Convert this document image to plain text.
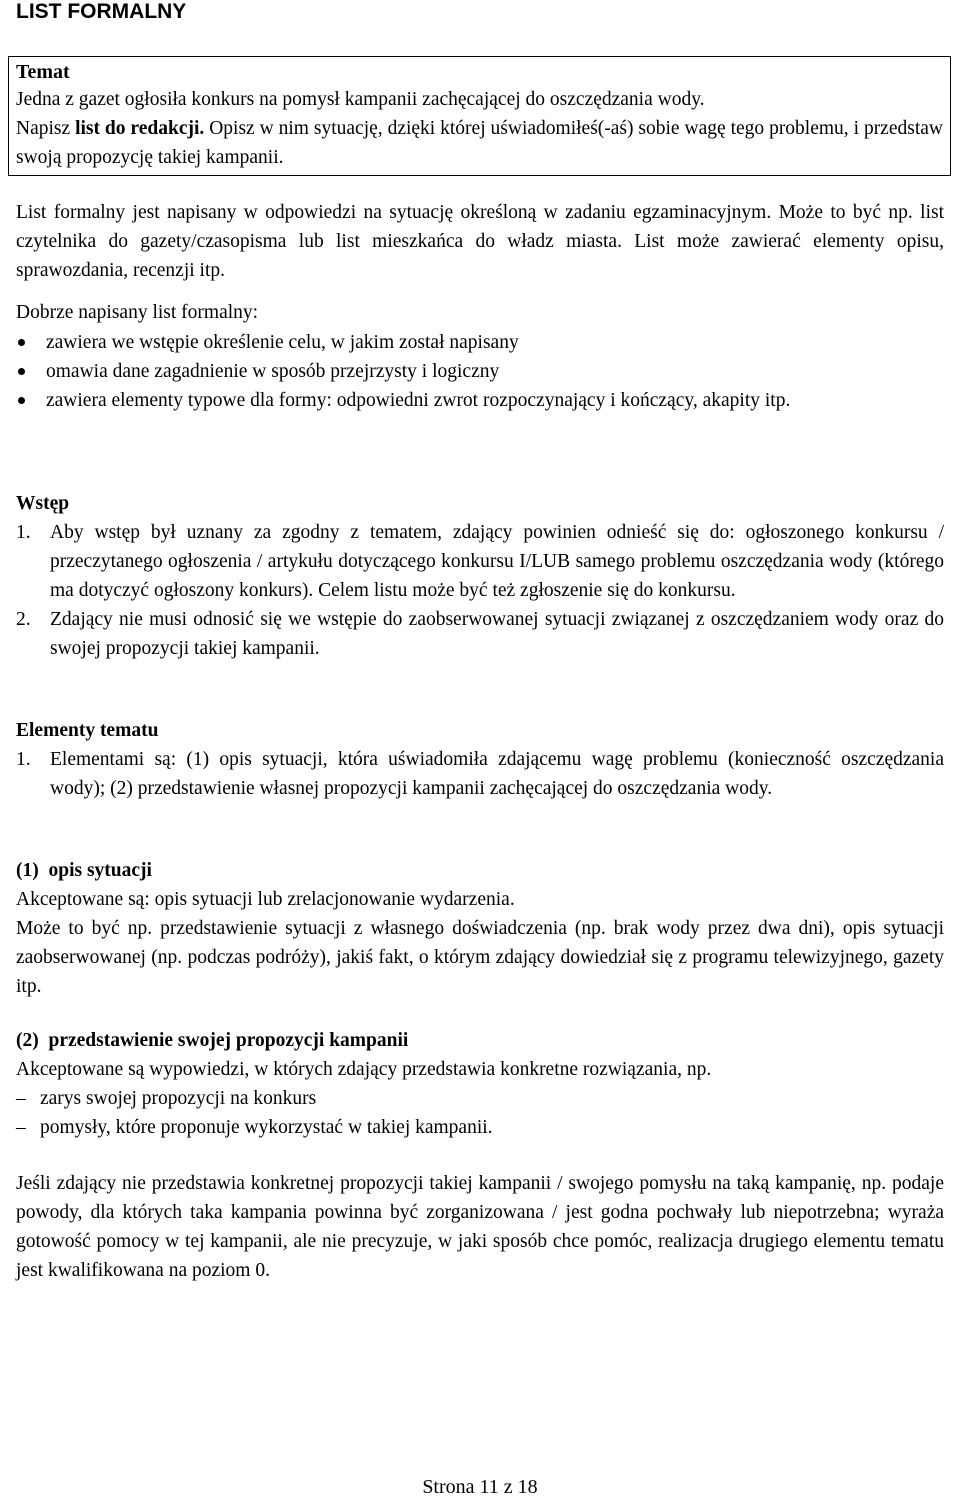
LIST FORMALNY
Temat

Jedna z gazet ogłosiła konkurs na pomysł kampanii zachęcającej do oszczędzania wody.

Napisz list do redakcji. Opisz w nim sytuację, dzięki której uświadomiłeś(-aś) sobie wagę tego problemu, i przedstaw swoją propozycję takiej kampanii.

List formalny jest napisany w odpowiedzi na sytuację określoną w zadaniu egzaminacyjnym. Może to być np. list czytelnika do gazety/czasopisma lub list mieszkańca do władz miasta. List może zawierać elementy opisu, sprawozdania, recenzji itp.

Dobrze napisany list formalny:

zawiera we wstępie określenie celu, w jakim został napisany
omawia dane zagadnienie w sposób przejrzysty i logiczny
zawiera elementy typowe dla formy: odpowiedni zwrot rozpoczynający i kończący, akapity itp.

Wstęp

1. Aby wstęp był uznany za zgodny z tematem, zdający powinien odnieść się do: ogłoszonego konkursu / przeczytanego ogłoszenia / artykułu dotyczącego konkursu I/LUB samego problemu oszczędzania wody (którego ma dotyczyć ogłoszony konkurs). Celem listu może być też zgłoszenie się do konkursu.
2. Zdający nie musi odnosić się we wstępie do zaobserwowanej sytuacji związanej z oszczędzaniem wody oraz do swojej propozycji takiej kampanii.

Elementy tematu

1. Elementami są: (1) opis sytuacji, która uświadomiła zdającemu wagę problemu (konieczność oszczędzania wody); (2) przedstawienie własnej propozycji kampanii zachęcającej do oszczędzania wody.

(1)  opis sytuacji

Akceptowane są: opis sytuacji lub zrelacjonowanie wydarzenia.

Może to być np. przedstawienie sytuacji z własnego doświadczenia (np. brak wody przez dwa dni), opis sytuacji zaobserwowanej (np. podczas podróży), jakiś fakt, o którym zdający dowiedział się z programu telewizyjnego, gazety itp.

(2)  przedstawienie swojej propozycji kampanii

Akceptowane są wypowiedzi, w których zdający przedstawia konkretne rozwiązania, np.

– zarys swojej propozycji na konkurs
– pomysły, które proponuje wykorzystać w takiej kampanii.

Jeśli zdający nie przedstawia konkretnej propozycji takiej kampanii / swojego pomysłu na taką kampanię, np. podaje powody, dla których taka kampania powinna być zorganizowana / jest godna pochwały lub niepotrzebna; wyraża gotowość pomocy w tej kampanii, ale nie precyzuje, w jaki sposób chce pomóc, realizacja drugiego elementu tematu jest kwalifikowana na poziom 0.

Strona 11 z 18
